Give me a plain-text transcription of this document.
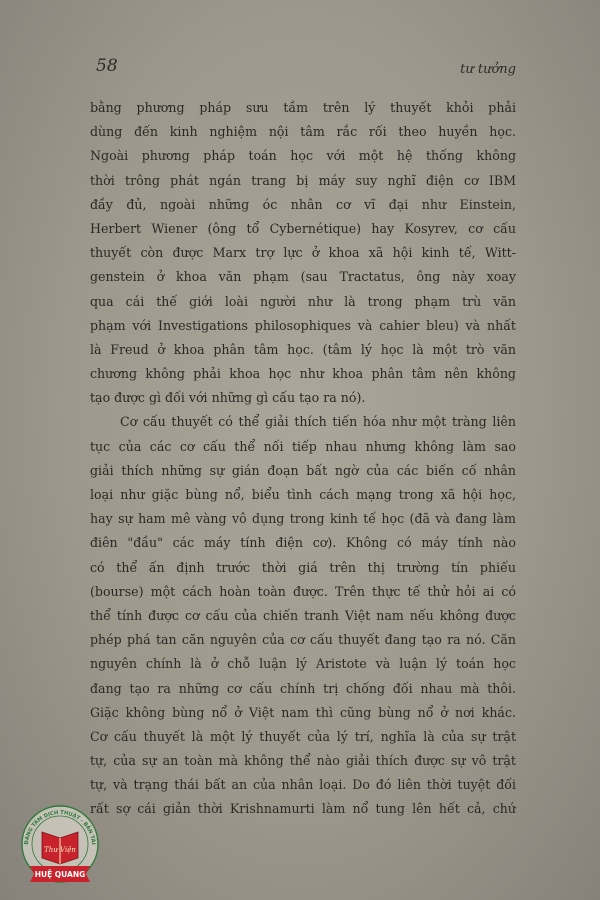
58	tư tưởng
bằng phương pháp sưu tầm trên lý thuyết khỏi phải
dùng đến kinh nghiệm nội tâm rắc rối theo huyền học.
Ngoài phương pháp toán học với một hệ thống không
thời trông phát ngán trang bị máy suy nghĩ điện cơ IBM
đầy đủ, ngoài những óc nhân cơ vĩ đại như Einstein,
Herbert Wiener (ông tổ Cybernétique) hay Kosyrev, cơ cấu
thuyết còn được Marx trợ lực ở khoa xã hội kinh tế, Witt-
genstein ở khoa văn phạm (sau Tractatus, ông này xoay
qua cái thế giới loài người như là trong phạm trù văn
phạm với Investigations philosophiques và cahier bleu) và nhất
là Freud ở khoa phân tâm học. (tâm lý học là một trò văn
chương không phải khoa học như khoa phân tâm nên không
tạo được gì đối với những gì cấu tạo ra nó).
Cơ cấu thuyết có thể giải thích tiến hóa như một tràng liên
tục của các cơ cấu thể nối tiếp nhau nhưng không làm sao
giải thích những sự gián đoạn bất ngờ của các biến cố nhân
loại như giặc bùng nổ, biểu tình cách mạng trong xã hội học,
hay sự ham mê vàng vô dụng trong kinh tế học (đã và đang làm
điên "đầu" các máy tính điện cơ). Không có máy tính nào
có thể ấn định trước thời giá trên thị trường tín phiếu
(bourse) một cách hoàn toàn được. Trên thực tế thử hỏi ai có
thể tính được cơ cấu của chiến tranh Việt nam nếu không được
phép phá tan căn nguyên của cơ cấu thuyết đang tạo ra nó. Căn
nguyên chính là ở chỗ luận lý Aristote và luận lý toán học
đang tạo ra những cơ cấu chính trị chống đối nhau mà thôi.
Giặc không bùng nổ ở Việt nam thì cũng bùng nổ ở nơi khác.
Cơ cấu thuyết là một lý thuyết của lý trí, nghĩa là của sự trật
tự, của sự an toàn mà không thể nào giải thích được sự vô trật
tự, và trạng thái bất an của nhân loại. Do đó liên thời tuyệt đối
rất sợ cái giản thời Krishnamurti làm nổ tung lên hết cả, chứ
ĐANG TÂM DỊCH THUẬT - BẢN TÀI
Thư Viện
HUỆ QUANG
